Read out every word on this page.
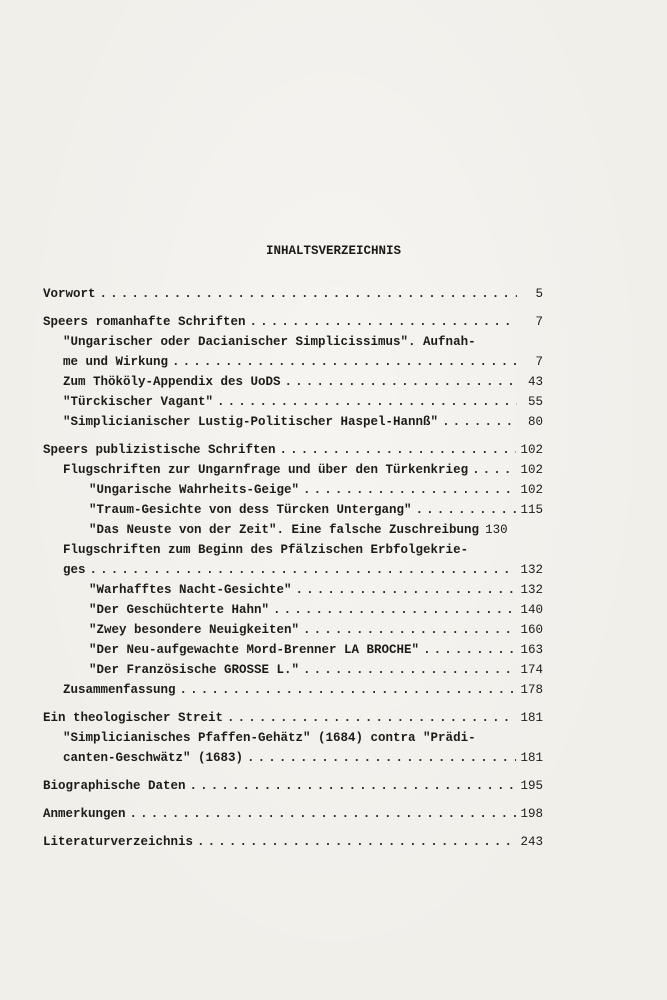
INHALTSVERZEICHNIS
Vorwort . . .	5
Speers romanhafte Schriften . . .	7
"Ungarischer oder Dacianischer Simplicissimus". Aufnah-
me und Wirkung . . .	7
Zum Thököly-Appendix des UoDS . . .	43
"Türckischer Vagant" . . .	55
"Simplicianischer Lustig-Politischer Haspel-Hannß" . . .	80
Speers publizistische Schriften . . .	102
Flugschriften zur Ungarnfrage und über den Türkenkrieg . . .	102
"Ungarische Wahrheits-Geige" . . .	102
"Traum-Gesichte von dess Türcken Untergang" . . .	115
"Das Neuste von der Zeit". Eine falsche Zuschreibung 130
Flugschriften zum Beginn des Pfälzischen Erbfolgekrie-
ges . . .	132
"Warhafftes Nacht-Gesichte" . . .	132
"Der Geschüchterte Hahn" . . .	140
"Zwey besondere Neuigkeiten" . . .	160
"Der Neu-aufgewachte Mord-Brenner LA BROCHE" . . .	163
"Der Französische GROSSE L." . . .	174
Zusammenfassung . . .	178
Ein theologischer Streit . . .	181
"Simplicianisches Pfaffen-Gehätz" (1684) contra "Prädi-
canten-Geschwätz" (1683) . . .	181
Biographische Daten . . .	195
Anmerkungen . . .	198
Literaturverzeichnis . . .	243
